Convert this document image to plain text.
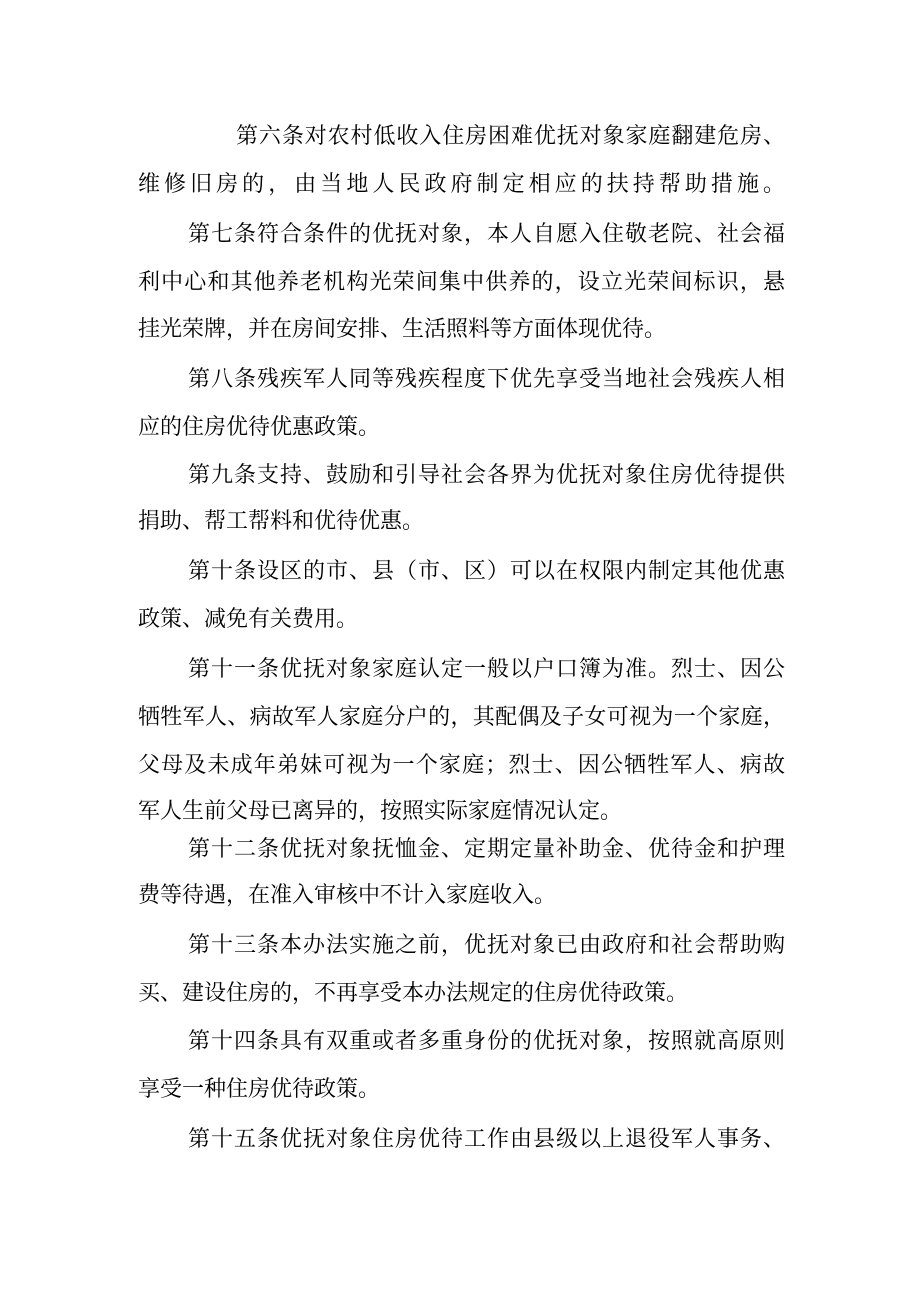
第六条对农村低收入住房困难优抚对象家庭翻建危房、
维修旧房的，由当地人民政府制定相应的扶持帮助措施。
第七条符合条件的优抚对象，本人自愿入住敬老院、社会福
利中心和其他养老机构光荣间集中供养的，设立光荣间标识，悬
挂光荣牌，并在房间安排、生活照料等方面体现优待。
第八条残疾军人同等残疾程度下优先享受当地社会残疾人相
应的住房优待优惠政策。
第九条支持、鼓励和引导社会各界为优抚对象住房优待提供
捐助、帮工帮料和优待优惠。
第十条设区的市、县（市、区）可以在权限内制定其他优惠
政策、减免有关费用。
第十一条优抚对象家庭认定一般以户口簿为准。烈士、因公
牺牲军人、病故军人家庭分户的，其配偶及子女可视为一个家庭，
父母及未成年弟妹可视为一个家庭；烈士、因公牺牲军人、病故
军人生前父母已离异的，按照实际家庭情况认定。
第十二条优抚对象抚恤金、定期定量补助金、优待金和护理
费等待遇，在准入审核中不计入家庭收入。
第十三条本办法实施之前，优抚对象已由政府和社会帮助购
买、建设住房的，不再享受本办法规定的住房优待政策。
第十四条具有双重或者多重身份的优抚对象，按照就高原则
享受一种住房优待政策。
第十五条优抚对象住房优待工作由县级以上退役军人事务、
